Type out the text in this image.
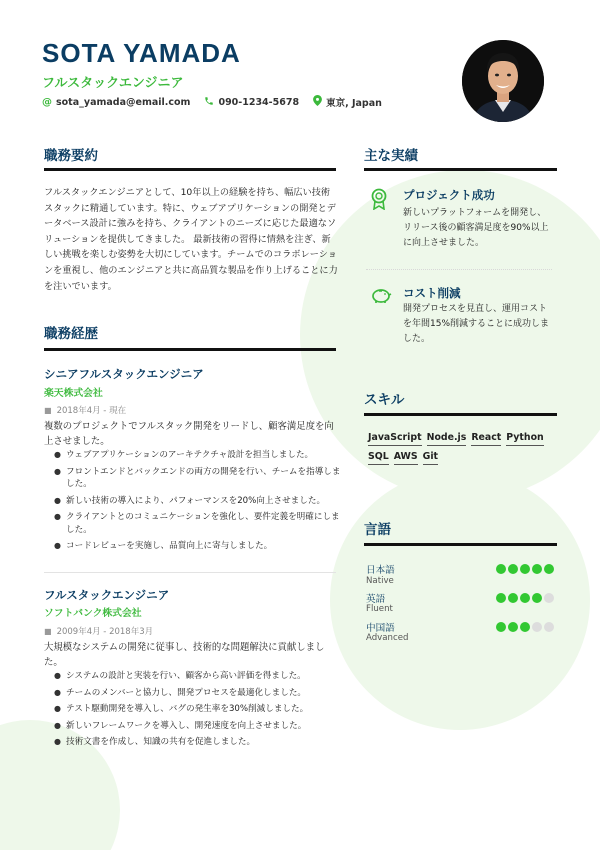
SOTA YAMADA
フルスタックエンジニア
@ sota_yamada@email.com	090-1234-5678	東京, Japan
職務要約
フルスタックエンジニアとして、10年以上の経験を持ち、幅広い技術スタックに精通しています。特に、ウェブアプリケーションの開発とデータベース設計に強みを持ち、クライアントのニーズに応じた最適なソリューションを提供してきました。 最新技術の習得に情熱を注ぎ、新しい挑戦を楽しむ姿勢を大切にしています。チームでのコラボレーションを重視し、他のエンジニアと共に高品質な製品を作り上げることに力を注いでいます。
職務経歴
シニアフルスタックエンジニア
楽天株式会社
■ 2018年4月 - 現在
複数のプロジェクトでフルスタック開発をリードし、顧客満足度を向上させました。
● ウェブアプリケーションのアーキテクチャ設計を担当しました。
● フロントエンドとバックエンドの両方の開発を行い、チームを指導しました。
● 新しい技術の導入により、パフォーマンスを20%向上させました。
● クライアントとのコミュニケーションを強化し、要件定義を明確にしました。
● コードレビューを実施し、品質向上に寄与しました。
フルスタックエンジニア
ソフトバンク株式会社
■ 2009年4月 - 2018年3月
大規模なシステムの開発に従事し、技術的な問題解決に貢献しました。
● システムの設計と実装を行い、顧客から高い評価を得ました。
● チームのメンバーと協力し、開発プロセスを最適化しました。
● テスト駆動開発を導入し、バグの発生率を30%削減しました。
● 新しいフレームワークを導入し、開発速度を向上させました。
● 技術文書を作成し、知識の共有を促進しました。
主な実績
プロジェクト成功
新しいプラットフォームを開発し、リリース後の顧客満足度を90%以上に向上させました。
コスト削減
開発プロセスを見直し、運用コストを年間15%削減することに成功しました。
スキル
JavaScript Node.js React Python
SQL AWS Git
言語
日本語
Native
英語
Fluent
中国語
Advanced
